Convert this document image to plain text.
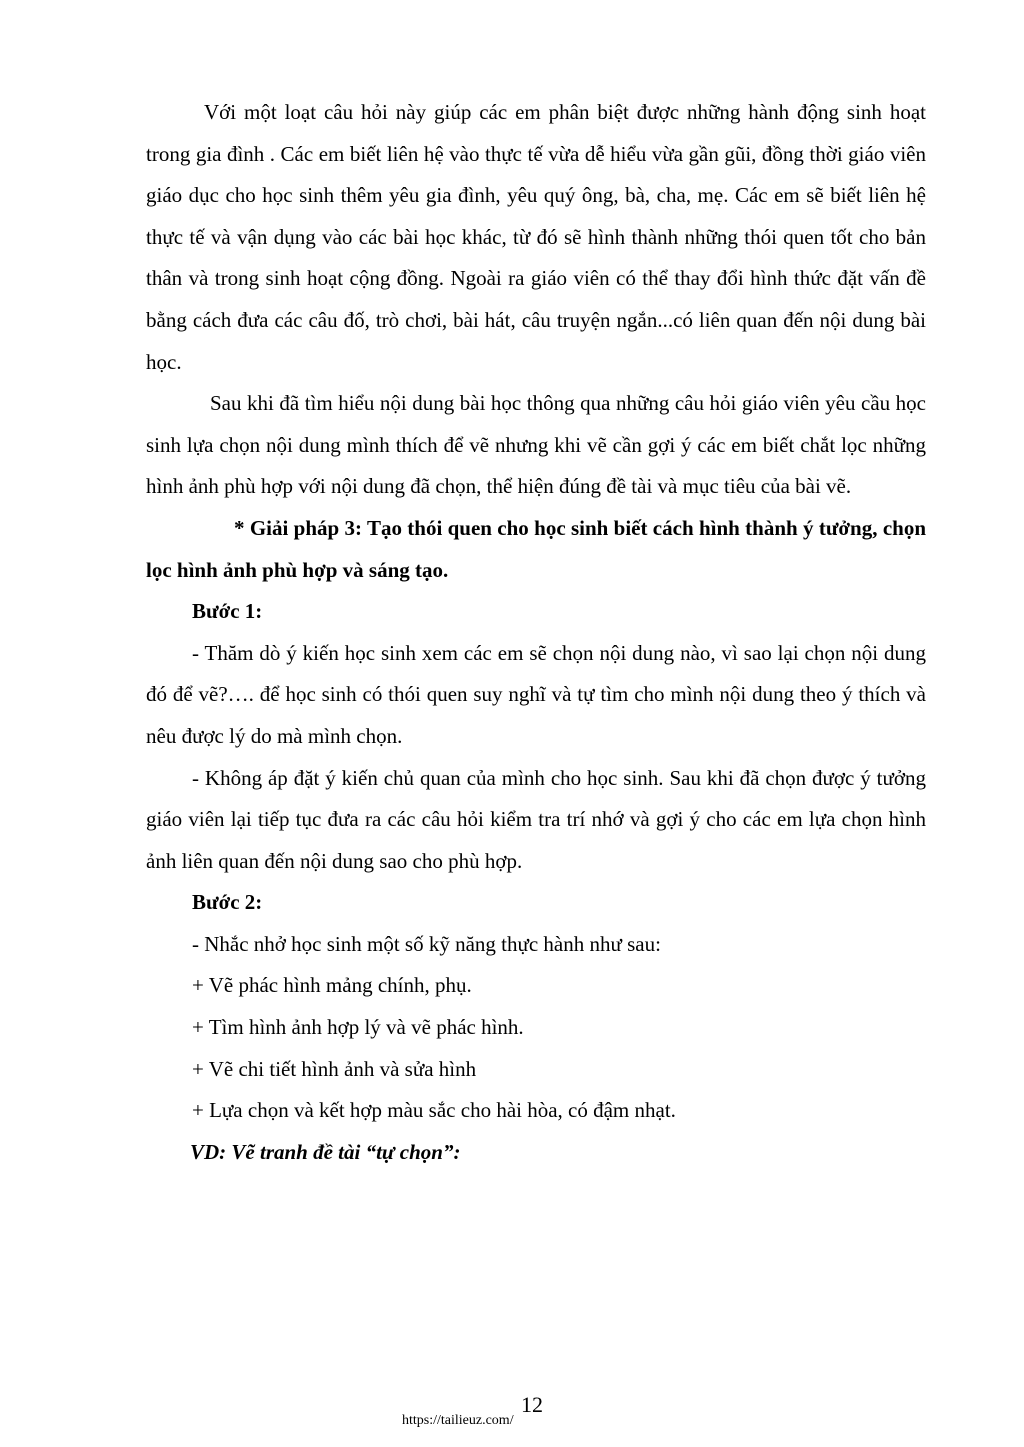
Với một loạt câu hỏi này giúp các em phân biệt được những hành động sinh hoạt trong gia đình . Các em biết liên hệ vào thực tế vừa dễ hiểu vừa gần gũi, đồng thời giáo viên giáo dục cho học sinh thêm yêu gia đình, yêu quý ông, bà, cha, mẹ. Các em sẽ biết liên hệ thực tế và vận dụng vào các bài học khác, từ đó sẽ hình thành những thói quen tốt cho bản thân và trong sinh hoạt cộng đồng. Ngoài ra giáo viên có thể thay đổi hình thức đặt vấn đề bằng cách đưa các câu đố, trò chơi, bài hát, câu truyện ngắn...có liên quan đến nội dung bài học.

Sau khi đã tìm hiểu nội dung bài học thông qua những câu hỏi giáo viên yêu cầu học sinh lựa chọn nội dung mình thích để vẽ nhưng khi vẽ cần gợi ý các em biết chắt lọc những hình ảnh phù hợp với nội dung đã chọn, thể hiện đúng đề tài và mục tiêu của bài vẽ.

* Giải pháp 3: Tạo thói quen cho học sinh biết cách hình thành ý tưởng, chọn lọc hình ảnh phù hợp và sáng tạo.

Bước 1:

- Thăm dò ý kiến học sinh xem các em sẽ chọn nội dung nào, vì sao lại chọn nội dung đó để vẽ?…. để học sinh có thói quen suy nghĩ và tự tìm cho mình nội dung theo ý thích và nêu được lý do mà mình chọn.

- Không áp đặt ý kiến chủ quan của mình cho học sinh. Sau khi đã chọn được ý tưởng giáo viên lại tiếp tục đưa ra các câu hỏi kiểm tra trí nhớ và gợi ý cho các em lựa chọn hình ảnh liên quan đến nội dung sao cho phù hợp.

Bước 2:

- Nhắc nhở học sinh một số kỹ năng thực hành như sau:

+ Vẽ phác hình mảng chính, phụ.

+ Tìm hình ảnh hợp lý và vẽ phác hình.

+ Vẽ chi tiết hình ảnh và sửa hình

+ Lựa chọn và kết hợp màu sắc cho hài hòa, có đậm nhạt.

VD: Vẽ tranh đề tài “tự chọn”:

12
https://tailieuz.com/
